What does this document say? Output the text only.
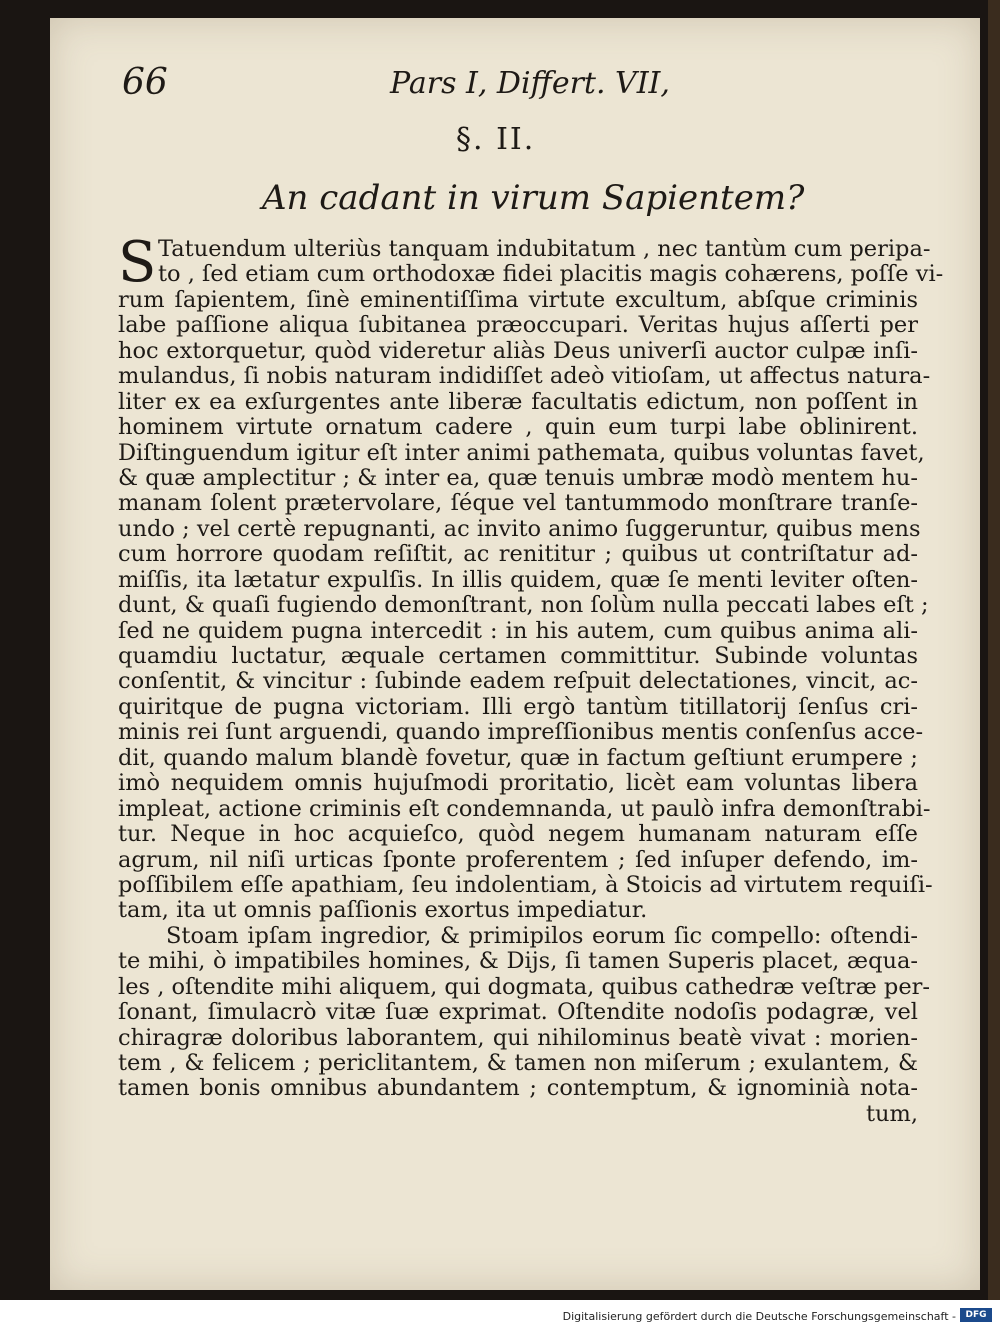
66	Pars I, Differt. VII,
§. II.
An cadant in virum Sapientem?
S Tatuendum ulteriùs tanquam indubitatum , nec tantùm cum peripa-
to , ſed etiam cum orthodoxæ fidei placitis magis cohærens, poſſe vi-
rum ſapientem, ſinè eminentiſſima virtute excultum, abſque criminis
labe paſſione aliqua ſubitanea præoccupari. Veritas hujus aſſerti per
hoc extorquetur, quòd videretur aliàs Deus univerſi auctor culpæ inſi-
mulandus, ſi nobis naturam indidiſſet adeò vitioſam, ut affectus natura-
liter ex ea exſurgentes ante liberæ facultatis edictum, non poſſent in
hominem virtute ornatum cadere , quin eum turpi labe oblinirent.
Diſtinguendum igitur eſt inter animi pathemata, quibus voluntas favet,
& quæ amplectitur ; & inter ea, quæ tenuis umbræ modò mentem hu-
manam ſolent prætervolare, ſéque vel tantummodo monſtrare tranſe-
undo ; vel certè repugnanti, ac invito animo ſuggeruntur, quibus mens
cum horrore quodam reſiſtit, ac renititur ; quibus ut contriſtatur ad-
miſſis, ita lætatur expulſis. In illis quidem, quæ ſe menti leviter oſten-
dunt, & quaſi fugiendo demonſtrant, non ſolùm nulla peccati labes eſt ;
ſed ne quidem pugna intercedit : in his autem, cum quibus anima ali-
quamdiu luctatur, æquale certamen committitur. Subinde voluntas
conſentit, & vincitur : ſubinde eadem reſpuit delectationes, vincit, ac-
quiritque de pugna victoriam. Illi ergò tantùm titillatorij ſenſus cri-
minis rei ſunt arguendi, quando impreſſionibus mentis conſenſus acce-
dit, quando malum blandè fovetur, quæ in factum geſtiunt erumpere ;
imò nequidem omnis hujuſmodi proritatio, licèt eam voluntas libera
impleat, actione criminis eſt condemnanda, ut paulò infra demonſtrabi-
tur. Neque in hoc acquieſco, quòd negem humanam naturam eſſe
agrum, nil niſi urticas ſponte proferentem ; ſed inſuper defendo, im-
poſſibilem eſſe apathiam, ſeu indolentiam, à Stoicis ad virtutem requiſi-
tam, ita ut omnis paſſionis exortus impediatur.
Stoam ipſam ingredior, & primipilos eorum ſic compello: oſtendi-
te mihi, ò impatibiles homines, & Dijs, ſi tamen Superis placet, æqua-
les , oſtendite mihi aliquem, qui dogmata, quibus cathedræ veſtræ per-
ſonant, ſimulacrò vitæ ſuæ exprimat. Oſtendite nodoſis podagræ, vel
chiragræ doloribus laborantem, qui nihilominus beatè vivat : morien-
tem , & felicem ; periclitantem, & tamen non miſerum ; exulantem, &
tamen bonis omnibus abundantem ; contemptum, & ignominià nota-
tum,
Digitalisierung gefördert durch die Deutsche Forschungsgemeinschaft -	DFG
